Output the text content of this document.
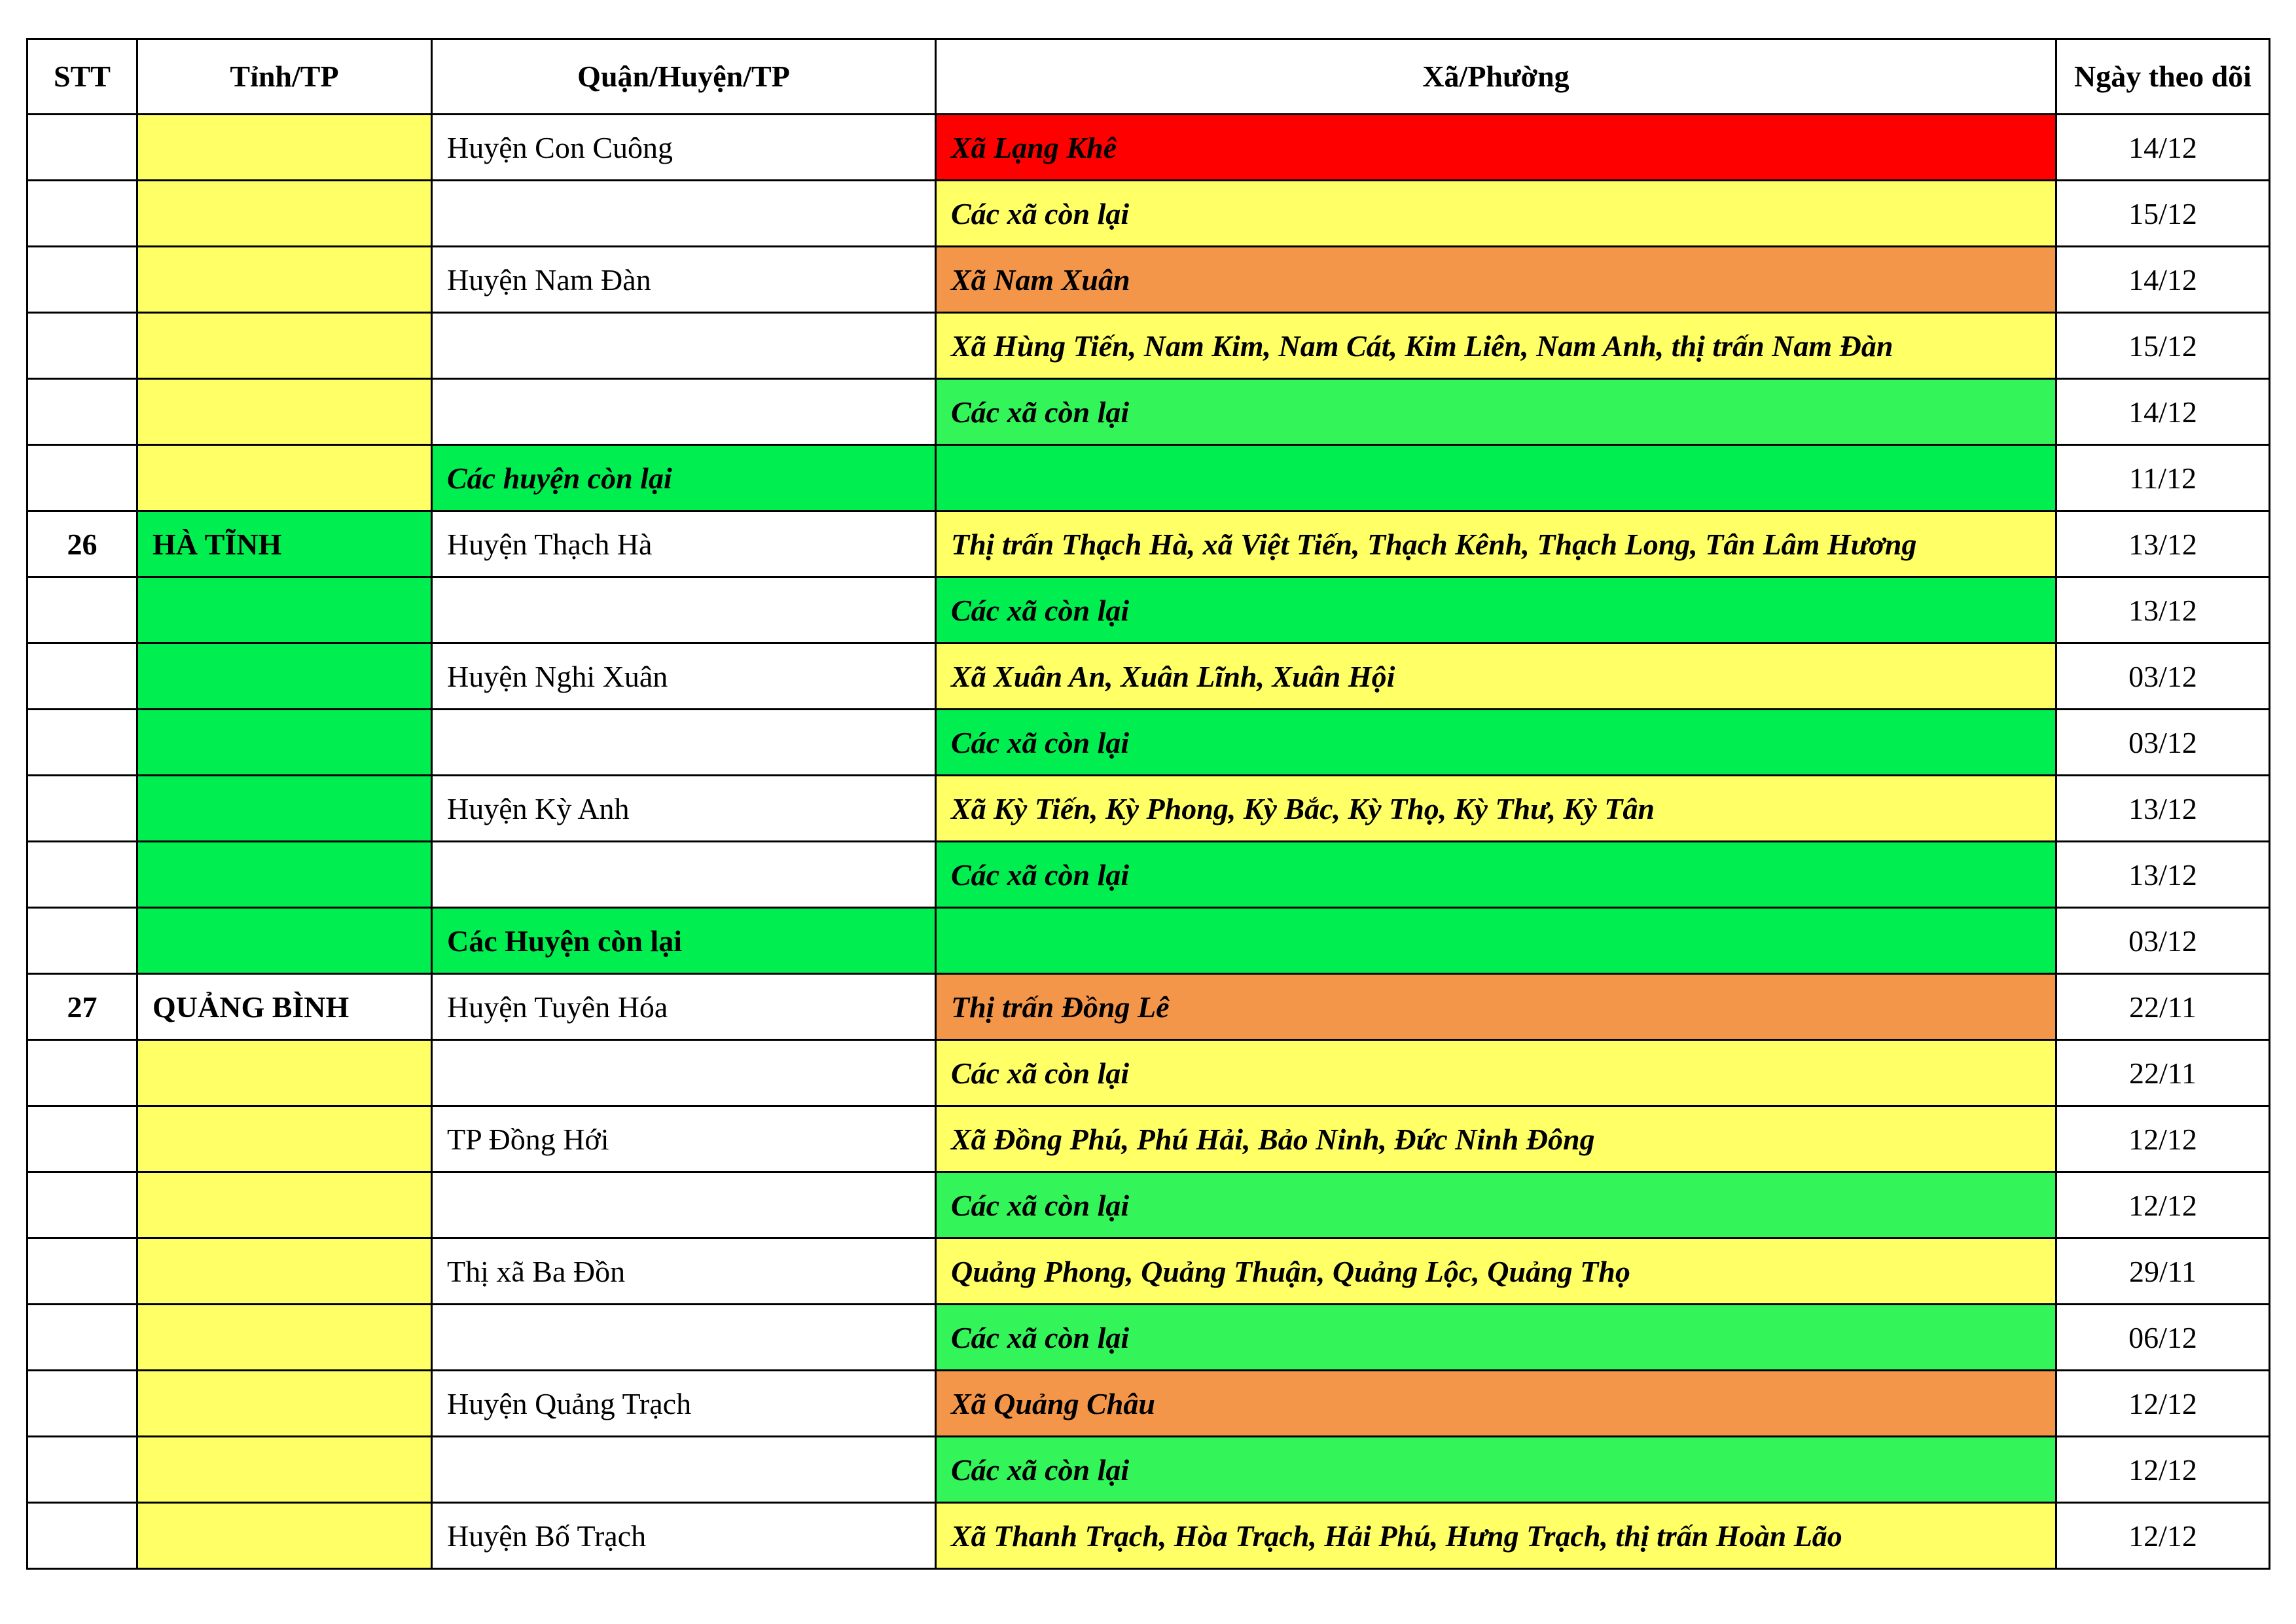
STT	Tỉnh/TP	Quận/Huyện/TP	Xã/Phường	Ngày theo dõi
		Huyện Con Cuông	Xã Lạng Khê	14/12
			Các xã còn lại	15/12
		Huyện Nam Đàn	Xã Nam Xuân	14/12
			Xã Hùng Tiến, Nam Kim, Nam Cát, Kim Liên, Nam Anh, thị trấn Nam Đàn	15/12
			Các xã còn lại	14/12
		Các huyện còn lại		11/12
26	HÀ TĨNH	Huyện Thạch Hà	Thị trấn Thạch Hà, xã Việt Tiến, Thạch Kênh, Thạch Long, Tân Lâm Hương	13/12
			Các xã còn lại	13/12
		Huyện Nghi Xuân	Xã Xuân An, Xuân Lĩnh, Xuân Hội	03/12
			Các xã còn lại	03/12
		Huyện Kỳ Anh	Xã Kỳ Tiến, Kỳ Phong, Kỳ Bắc, Kỳ Thọ, Kỳ Thư, Kỳ Tân	13/12
			Các xã còn lại	13/12
		Các Huyện còn lại		03/12
27	QUẢNG BÌNH	Huyện Tuyên Hóa	Thị trấn Đồng Lê	22/11
			Các xã còn lại	22/11
		TP Đồng Hới	Xã Đồng Phú, Phú Hải, Bảo Ninh, Đức Ninh Đông	12/12
			Các xã còn lại	12/12
		Thị xã Ba Đồn	Quảng Phong, Quảng Thuận, Quảng Lộc, Quảng Thọ	29/11
			Các xã còn lại	06/12
		Huyện Quảng Trạch	Xã Quảng Châu	12/12
			Các xã còn lại	12/12
		Huyện Bố Trạch	Xã Thanh Trạch, Hòa Trạch, Hải Phú, Hưng Trạch, thị trấn Hoàn Lão	12/12
